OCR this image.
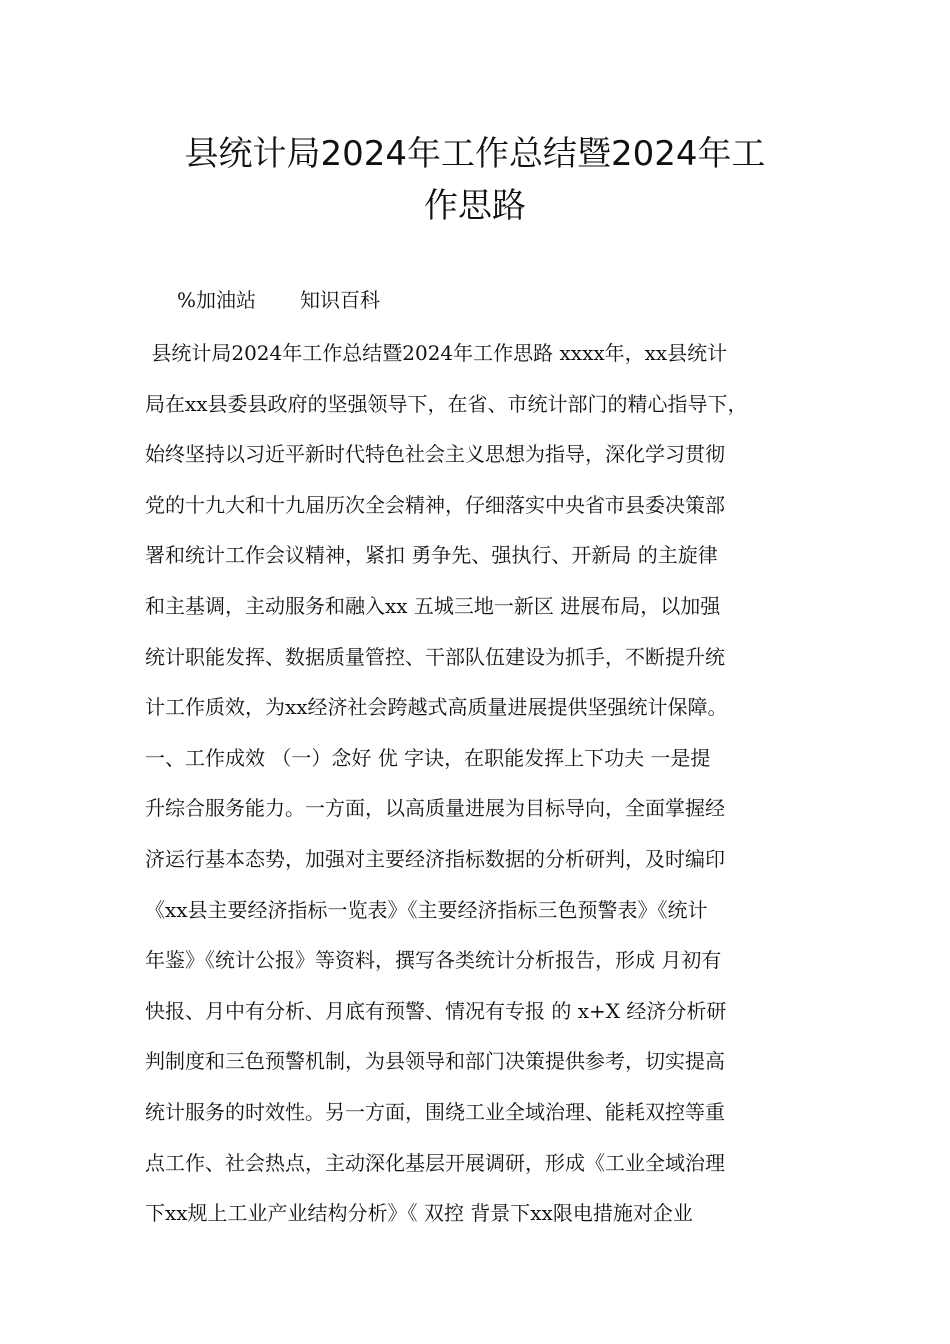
县统计局2024年工作总结暨2024年工
作思路
%加油站 知识百科
县统计局2024年工作总结暨2024年工作思路 xxxx年，xx县统计
局在xx县委县政府的坚强领导下，在省、市统计部门的精心指导下，
始终坚持以习近平新时代特色社会主义思想为指导，深化学习贯彻
党的十九大和十九届历次全会精神，仔细落实中央省市县委决策部
署和统计工作会议精神，紧扣 勇争先、强执行、开新局 的主旋律
和主基调，主动服务和融入xx 五城三地一新区 进展布局，以加强
统计职能发挥、数据质量管控、干部队伍建设为抓手，不断提升统
计工作质效，为xx经济社会跨越式高质量进展提供坚强统计保障。
一、工作成效 （一）念好 优 字诀，在职能发挥上下功夫 一是提
升综合服务能力。一方面，以高质量进展为目标导向，全面掌握经
济运行基本态势，加强对主要经济指标数据的分析研判，及时编印
《xx县主要经济指标一览表》《主要经济指标三色预警表》《统计
年鉴》《统计公报》等资料，撰写各类统计分析报告，形成 月初有
快报、月中有分析、月底有预警、情况有专报 的 x+X 经济分析研
判制度和三色预警机制，为县领导和部门决策提供参考，切实提高
统计服务的时效性。另一方面，围绕工业全域治理、能耗双控等重
点工作、社会热点，主动深化基层开展调研，形成《工业全域治理
下xx规上工业产业结构分析》《 双控 背景下xx限电措施对企业
